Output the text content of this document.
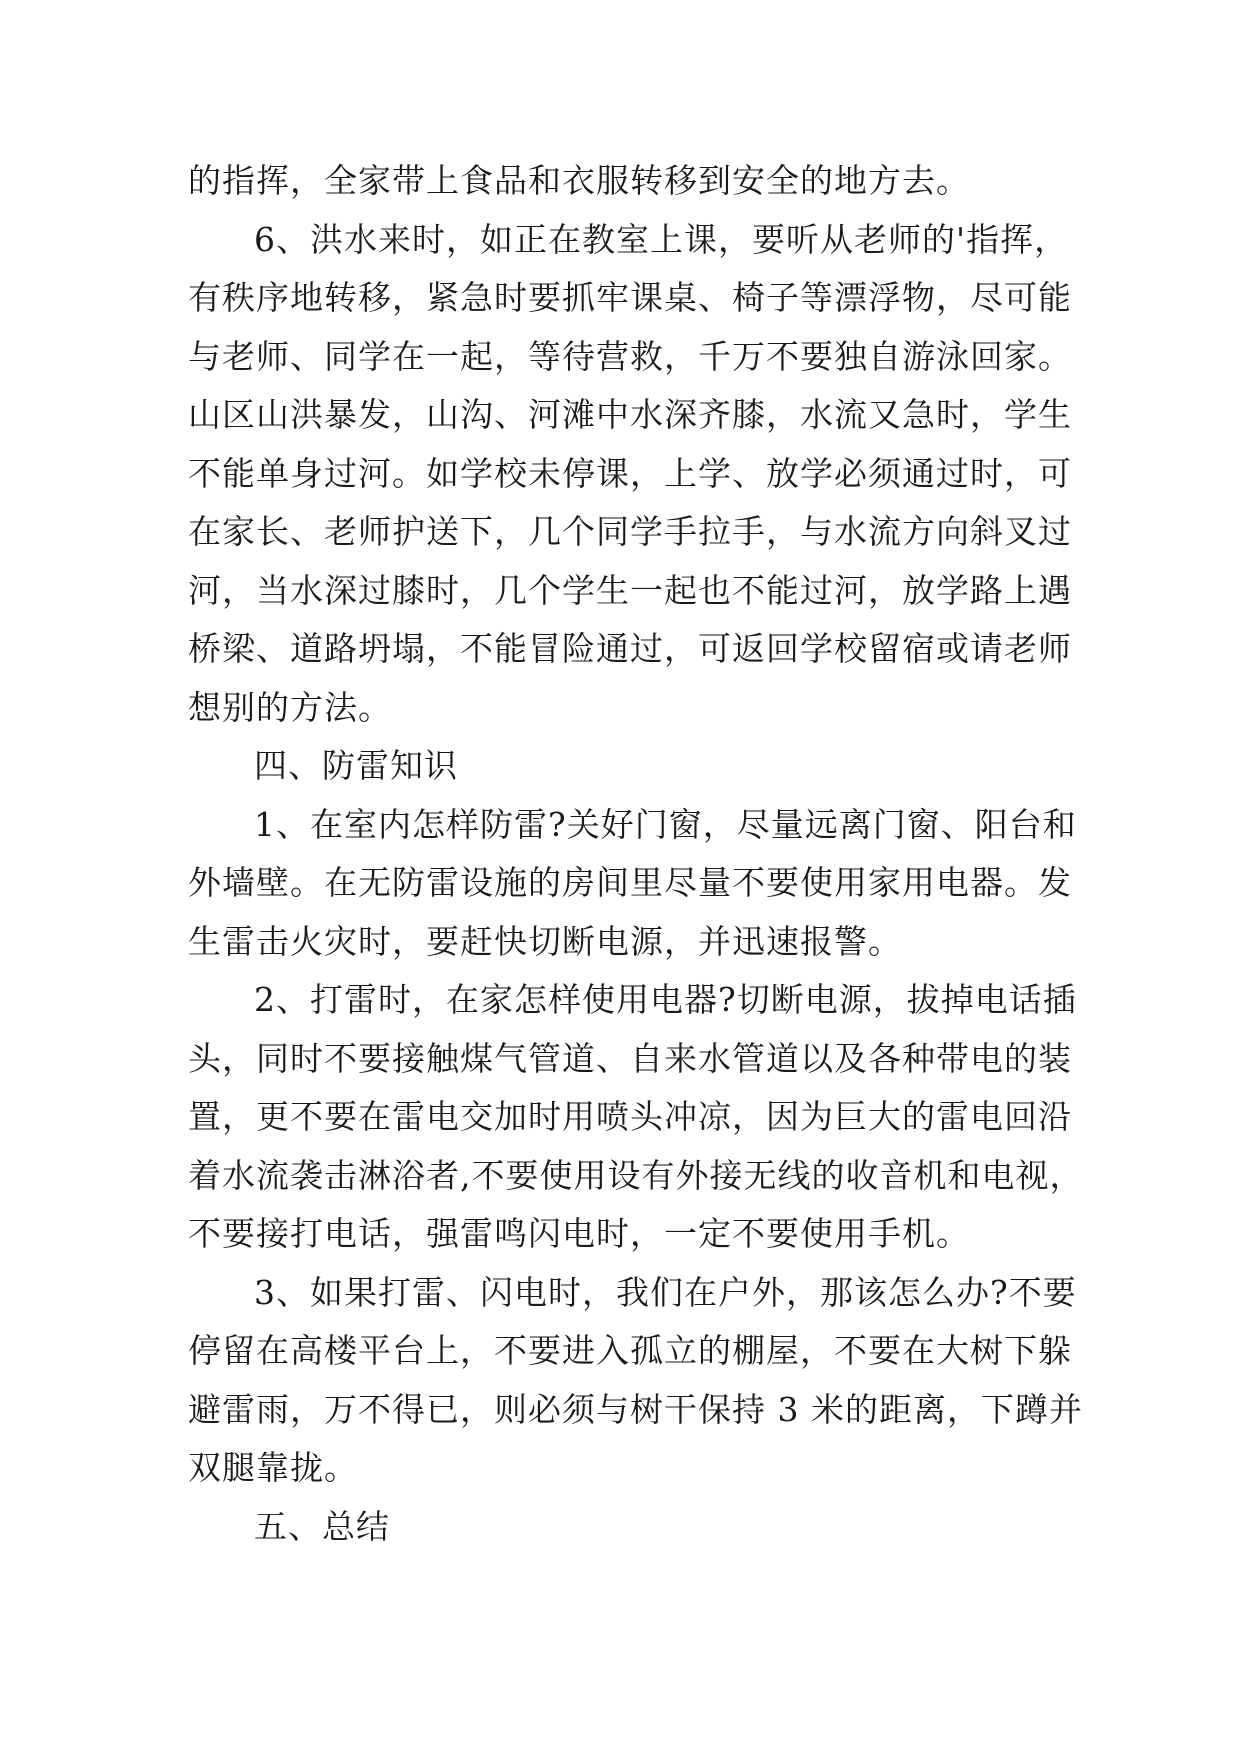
的指挥，全家带上食品和衣服转移到安全的地方去。
6、洪水来时，如正在教室上课，要听从老师的'指挥，
有秩序地转移，紧急时要抓牢课桌、椅子等漂浮物，尽可能
与老师、同学在一起，等待营救，千万不要独自游泳回家。
山区山洪暴发，山沟、河滩中水深齐膝，水流又急时，学生
不能单身过河。如学校未停课，上学、放学必须通过时，可
在家长、老师护送下，几个同学手拉手，与水流方向斜叉过
河，当水深过膝时，几个学生一起也不能过河，放学路上遇
桥梁、道路坍塌，不能冒险通过，可返回学校留宿或请老师
想别的方法。
四、防雷知识
1、在室内怎样防雷?关好门窗，尽量远离门窗、阳台和
外墙壁。在无防雷设施的房间里尽量不要使用家用电器。发
生雷击火灾时，要赶快切断电源，并迅速报警。
2、打雷时，在家怎样使用电器?切断电源，拔掉电话插
头，同时不要接触煤气管道、自来水管道以及各种带电的装
置，更不要在雷电交加时用喷头冲凉，因为巨大的雷电回沿
着水流袭击淋浴者,不要使用设有外接无线的收音机和电视，
不要接打电话，强雷鸣闪电时，一定不要使用手机。
3、如果打雷、闪电时，我们在户外，那该怎么办?不要
停留在高楼平台上，不要进入孤立的棚屋，不要在大树下躲
避雷雨，万不得已，则必须与树干保持 3 米的距离，下蹲并
双腿靠拢。
五、总结
